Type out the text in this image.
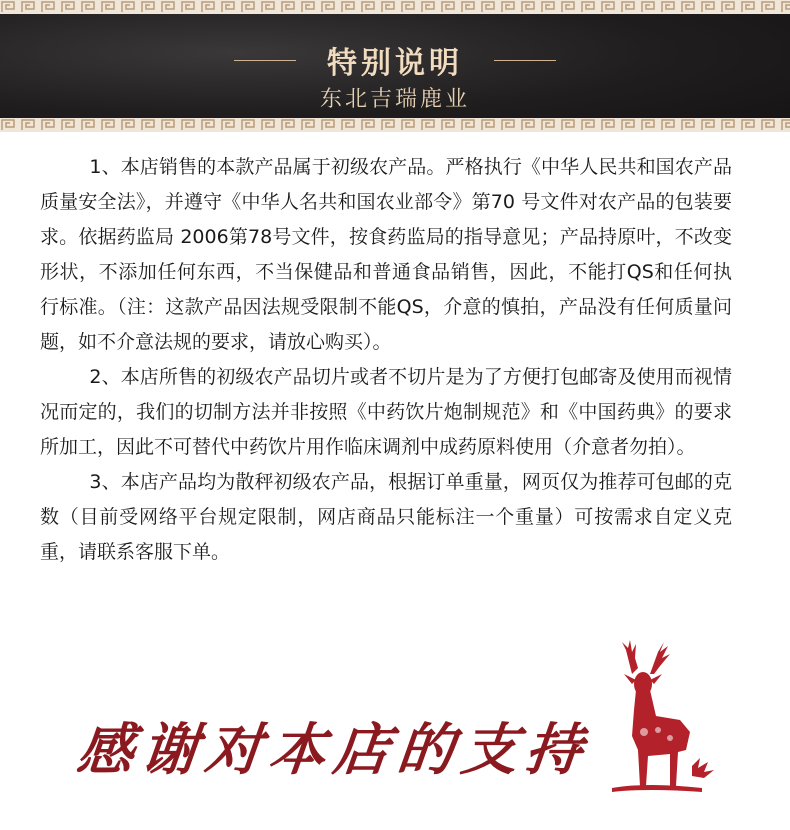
特别说明
东北吉瑞鹿业

1、本店销售的本款产品属于初级农产品。严格执行《中华人民共和国农产品质量安全法》，并遵守《中华人名共和国农业部令》第70 号文件对农产品的包装要求。依据药监局 2006第78号文件，按食药监局的指导意见；产品持原叶，不改变形状，不添加任何东西，不当保健品和普通食品销售，因此，不能打QS和任何执行标准。（注：这款产品因法规受限制不能QS，介意的慎拍，产品没有任何质量问题，如不介意法规的要求，请放心购买）。

2、本店所售的初级农产品切片或者不切片是为了方便打包邮寄及使用而视情况而定的，我们的切制方法并非按照《中药饮片炮制规范》和《中国药典》的要求所加工，因此不可替代中药饮片用作临床调剂中成药原料使用（介意者勿拍）。

3、本店产品均为散秤初级农产品，根据订单重量，网页仅为推荐可包邮的克数（目前受网络平台规定限制，网店商品只能标注一个重量）可按需求自定义克重，请联系客服下单。

感谢对本店的支持
